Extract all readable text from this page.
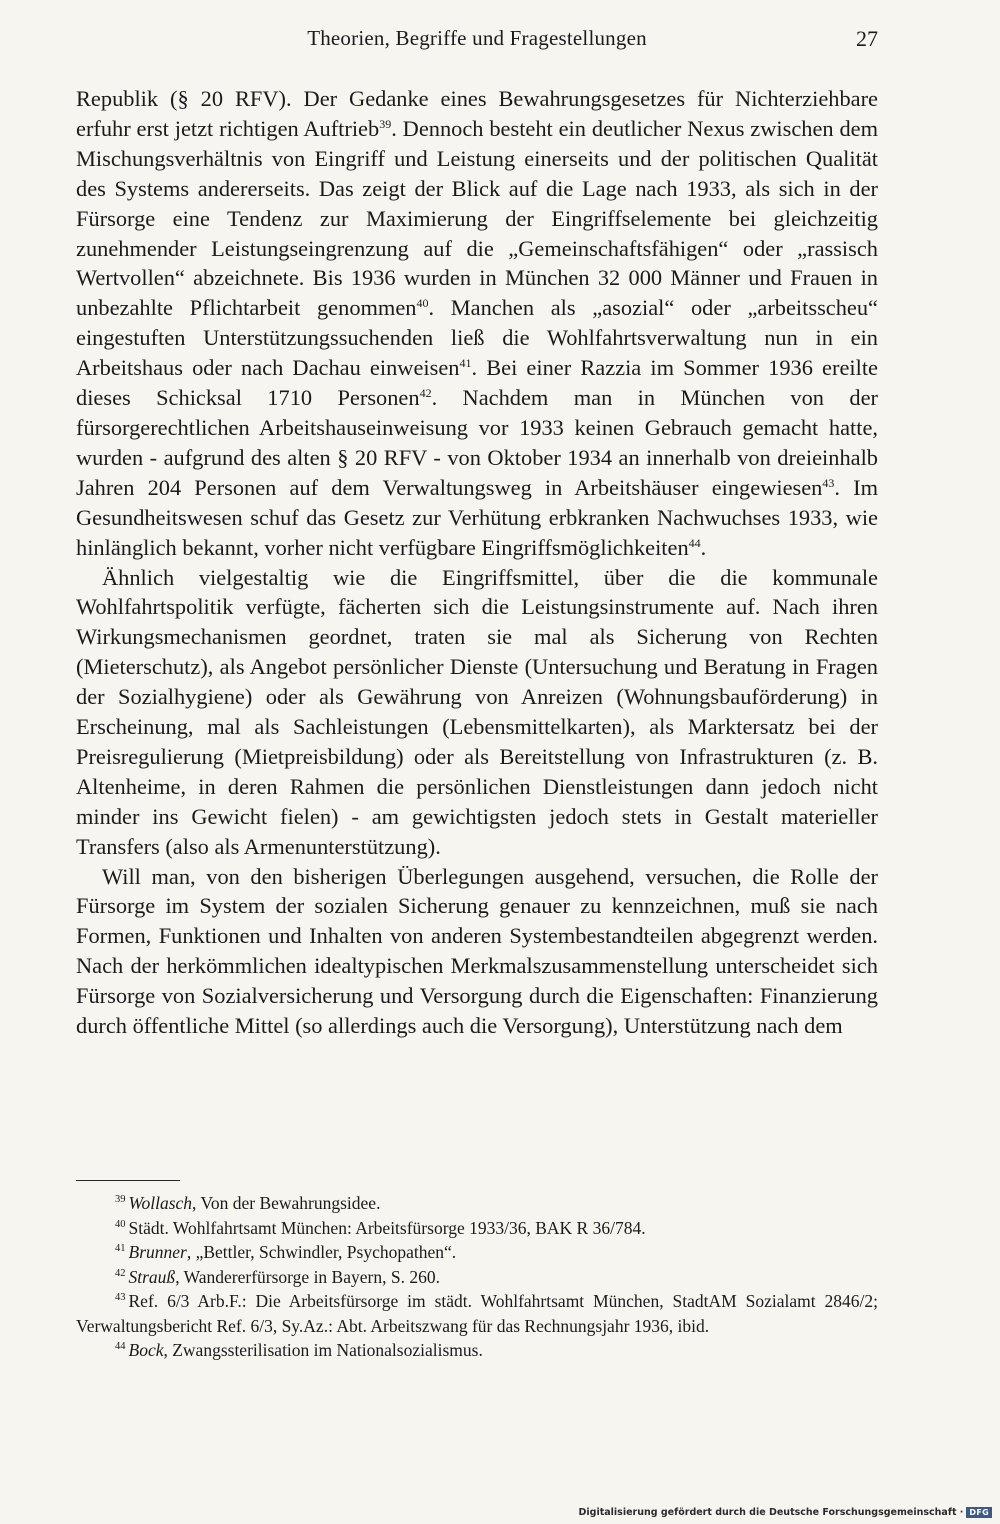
Theorien, Begriffe und Fragestellungen	27

Republik (§ 20 RFV). Der Gedanke eines Bewahrungsgesetzes für Nichterziehbare erfuhr erst jetzt richtigen Auftrieb$^{39}$. Dennoch besteht ein deutlicher Nexus zwischen dem Mischungsverhältnis von Eingriff und Leistung einerseits und der politischen Qualität des Systems andererseits. Das zeigt der Blick auf die Lage nach 1933, als sich in der Fürsorge eine Tendenz zur Maximierung der Eingriffselemente bei gleichzeitig zunehmender Leistungseingrenzung auf die „Gemeinschaftsfähigen“ oder „rassisch Wertvollen“ abzeichnete. Bis 1936 wurden in München 32 000 Männer und Frauen in unbezahlte Pflichtarbeit genommen$^{40}$. Manchen als „asozial“ oder „arbeitsscheu“ eingestuften Unterstützungssuchenden ließ die Wohlfahrtsverwaltung nun in ein Arbeitshaus oder nach Dachau einweisen$^{41}$. Bei einer Razzia im Sommer 1936 ereilte dieses Schicksal 1710 Personen$^{42}$. Nachdem man in München von der fürsorgerechtlichen Arbeitshauseinweisung vor 1933 keinen Gebrauch gemacht hatte, wurden - aufgrund des alten § 20 RFV - von Oktober 1934 an innerhalb von dreieinhalb Jahren 204 Personen auf dem Verwaltungsweg in Arbeitshäuser eingewiesen$^{43}$. Im Gesundheitswesen schuf das Gesetz zur Verhütung erbkranken Nachwuchses 1933, wie hinlänglich bekannt, vorher nicht verfügbare Eingriffsmöglichkeiten$^{44}$.

Ähnlich vielgestaltig wie die Eingriffsmittel, über die die kommunale Wohlfahrtspolitik verfügte, fächerten sich die Leistungsinstrumente auf. Nach ihren Wirkungsmechanismen geordnet, traten sie mal als Sicherung von Rechten (Mieterschutz), als Angebot persönlicher Dienste (Untersuchung und Beratung in Fragen der Sozialhygiene) oder als Gewährung von Anreizen (Wohnungsbauförderung) in Erscheinung, mal als Sachleistungen (Lebensmittelkarten), als Marktersatz bei der Preisregulierung (Mietpreisbildung) oder als Bereitstellung von Infrastrukturen (z. B. Altenheime, in deren Rahmen die persönlichen Dienstleistungen dann jedoch nicht minder ins Gewicht fielen) - am gewichtigsten jedoch stets in Gestalt materieller Transfers (also als Armenunterstützung).

Will man, von den bisherigen Überlegungen ausgehend, versuchen, die Rolle der Fürsorge im System der sozialen Sicherung genauer zu kennzeichnen, muß sie nach Formen, Funktionen und Inhalten von anderen Systembestandteilen abgegrenzt werden. Nach der herkömmlichen idealtypischen Merkmalszusammenstellung unterscheidet sich Fürsorge von Sozialversicherung und Versorgung durch die Eigenschaften: Finanzierung durch öffentliche Mittel (so allerdings auch die Versorgung), Unterstützung nach dem

$^{39}$ Wollasch, Von der Bewahrungsidee.

$^{40}$ Städt. Wohlfahrtsamt München: Arbeitsfürsorge 1933/36, BAK R 36/784.

$^{41}$ Brunner, „Bettler, Schwindler, Psychopathen“.

$^{42}$ Strauß, Wandererfürsorge in Bayern, S. 260.

$^{43}$ Ref. 6/3 Arb.F.: Die Arbeitsfürsorge im städt. Wohlfahrtsamt München, StadtAM Sozialamt 2846/2; Verwaltungsbericht Ref. 6/3, Sy.Az.: Abt. Arbeitszwang für das Rechnungsjahr 1936, ibid.

$^{44}$ Bock, Zwangssterilisation im Nationalsozialismus.

Digitalisierung gefördert durch die Deutsche Forschungsgemeinschaft · DFG
